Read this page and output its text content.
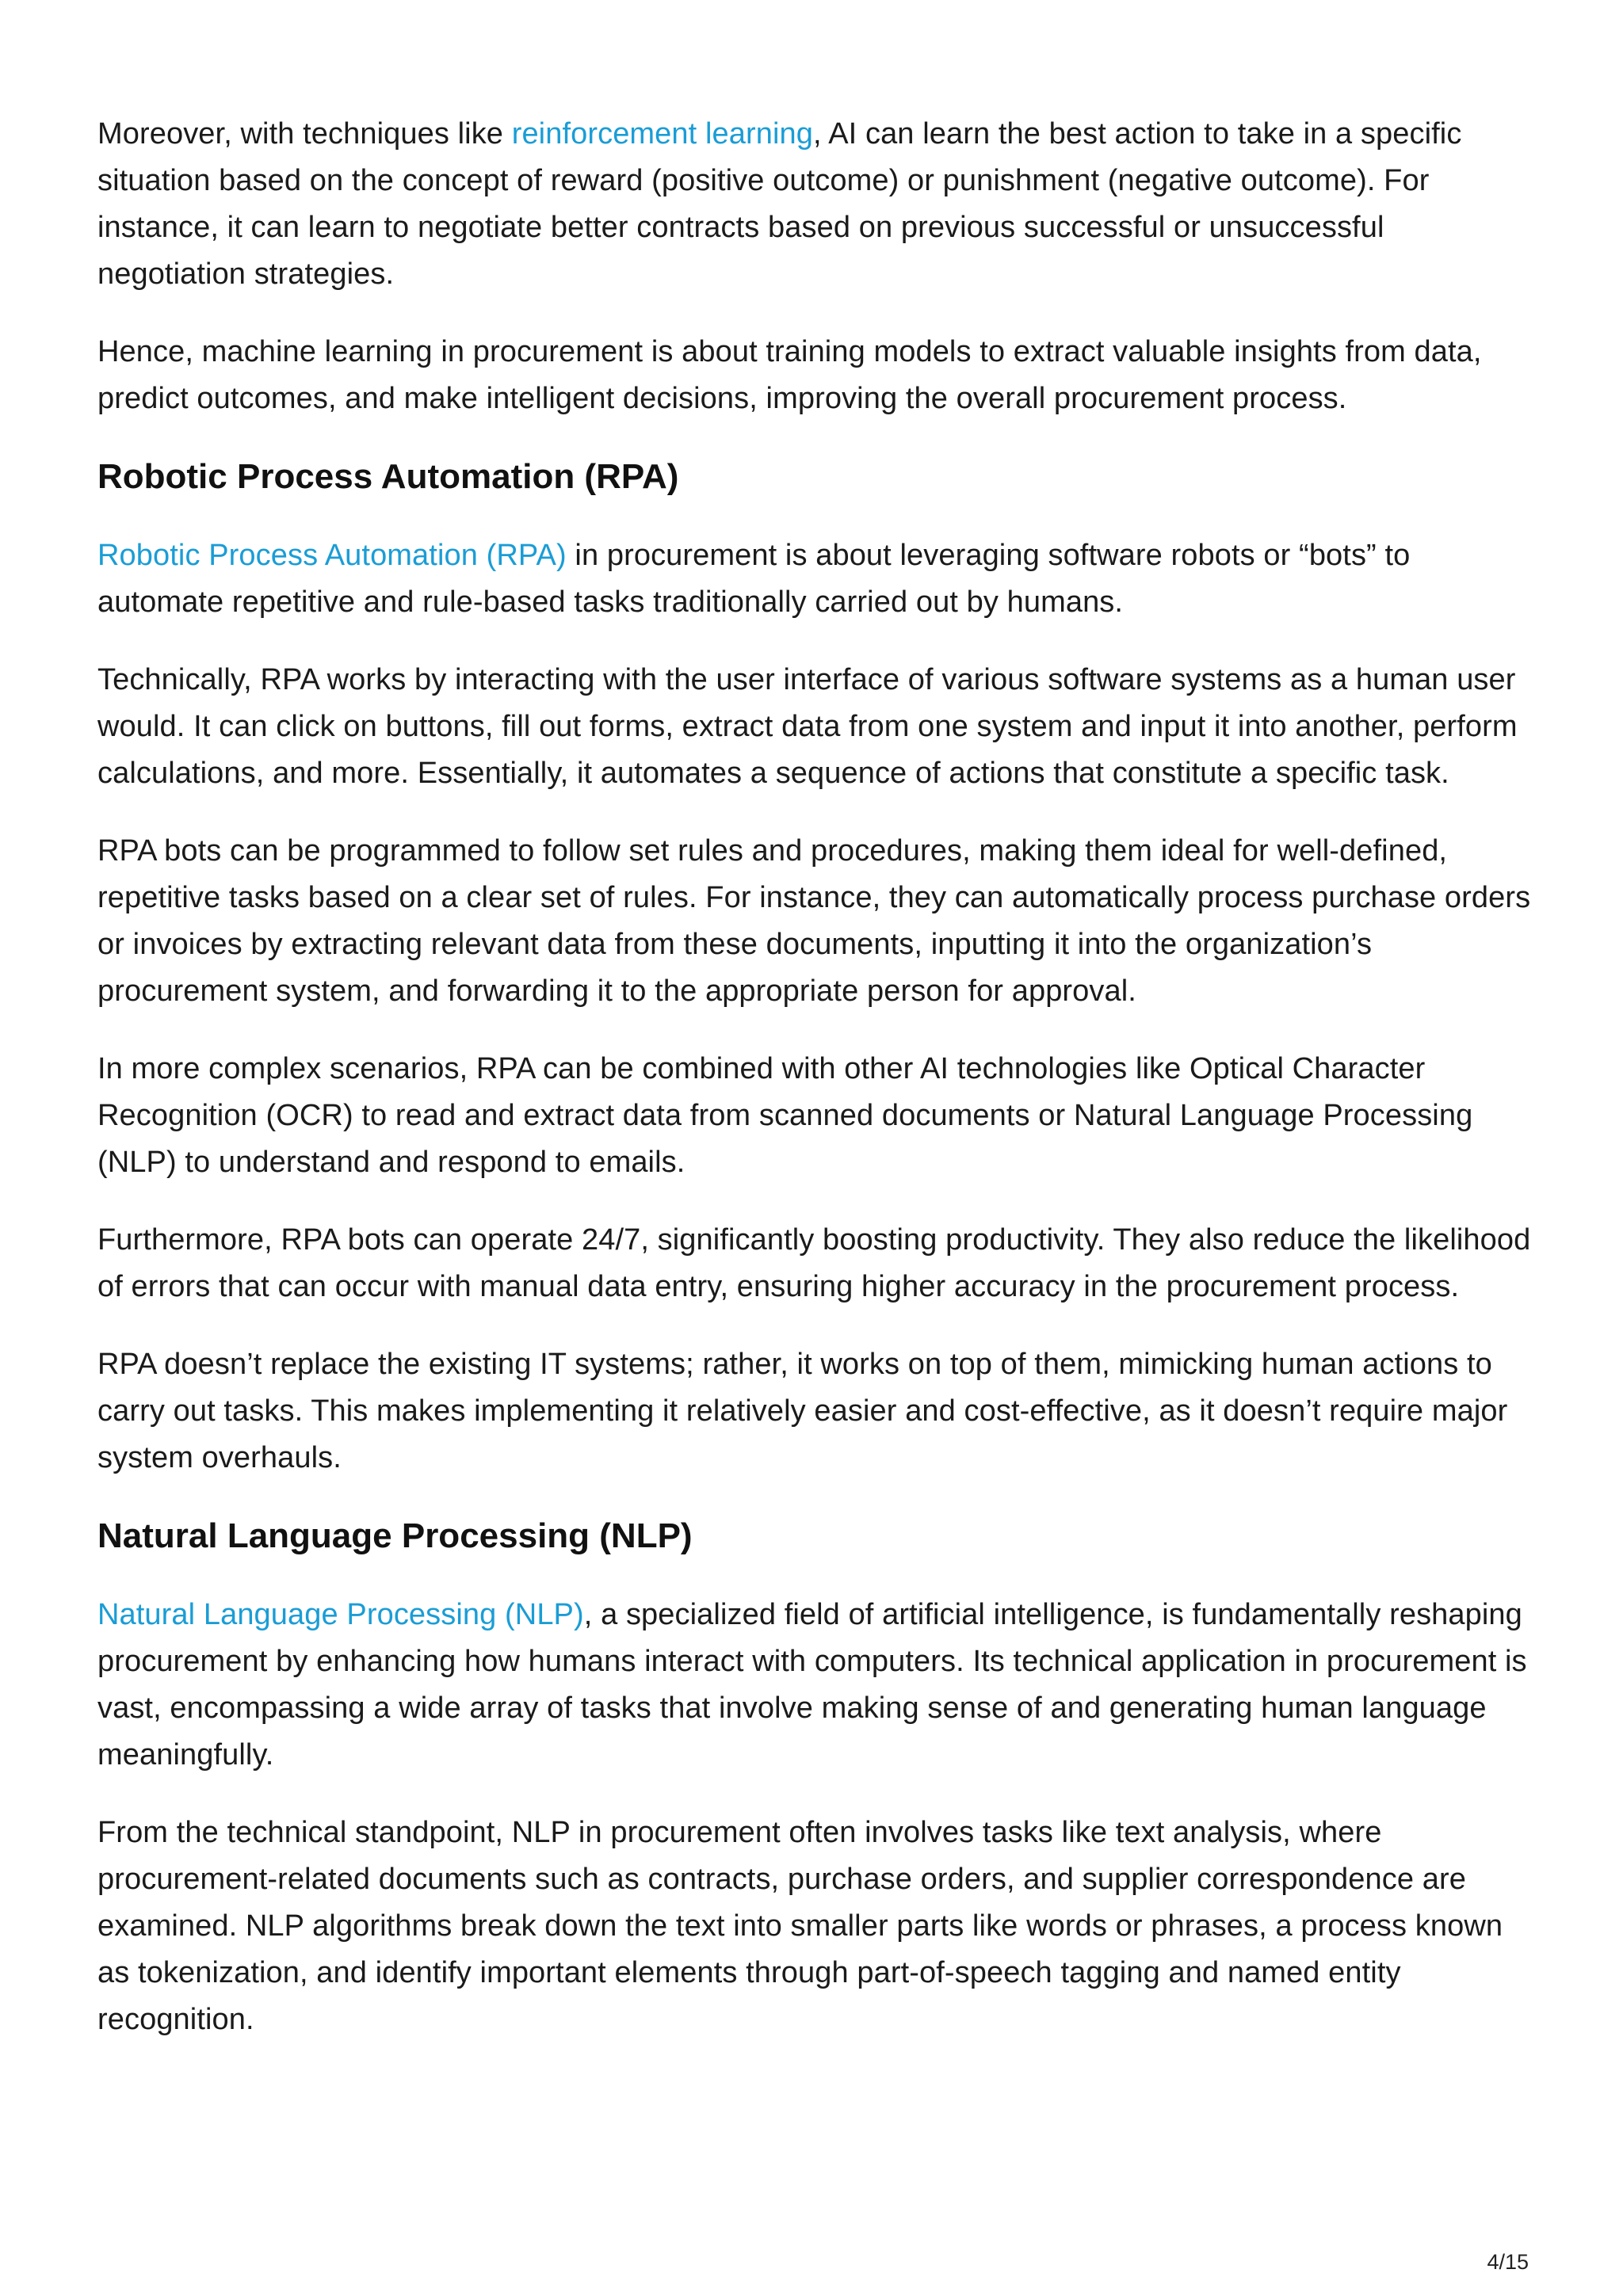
Moreover, with techniques like reinforcement learning, AI can learn the best action to take in a specific situation based on the concept of reward (positive outcome) or punishment (negative outcome). For instance, it can learn to negotiate better contracts based on previous successful or unsuccessful negotiation strategies.

Hence, machine learning in procurement is about training models to extract valuable insights from data, predict outcomes, and make intelligent decisions, improving the overall procurement process.

Robotic Process Automation (RPA)

Robotic Process Automation (RPA) in procurement is about leveraging software robots or “bots” to automate repetitive and rule-based tasks traditionally carried out by humans.

Technically, RPA works by interacting with the user interface of various software systems as a human user would. It can click on buttons, fill out forms, extract data from one system and input it into another, perform calculations, and more. Essentially, it automates a sequence of actions that constitute a specific task.

RPA bots can be programmed to follow set rules and procedures, making them ideal for well-defined, repetitive tasks based on a clear set of rules. For instance, they can automatically process purchase orders or invoices by extracting relevant data from these documents, inputting it into the organization’s procurement system, and forwarding it to the appropriate person for approval.

In more complex scenarios, RPA can be combined with other AI technologies like Optical Character Recognition (OCR) to read and extract data from scanned documents or Natural Language Processing (NLP) to understand and respond to emails.

Furthermore, RPA bots can operate 24/7, significantly boosting productivity. They also reduce the likelihood of errors that can occur with manual data entry, ensuring higher accuracy in the procurement process.

RPA doesn’t replace the existing IT systems; rather, it works on top of them, mimicking human actions to carry out tasks. This makes implementing it relatively easier and cost-effective, as it doesn’t require major system overhauls.

Natural Language Processing (NLP)

Natural Language Processing (NLP), a specialized field of artificial intelligence, is fundamentally reshaping procurement by enhancing how humans interact with computers. Its technical application in procurement is vast, encompassing a wide array of tasks that involve making sense of and generating human language meaningfully.

From the technical standpoint, NLP in procurement often involves tasks like text analysis, where procurement-related documents such as contracts, purchase orders, and supplier correspondence are examined. NLP algorithms break down the text into smaller parts like words or phrases, a process known as tokenization, and identify important elements through part-of-speech tagging and named entity recognition.

4/15
